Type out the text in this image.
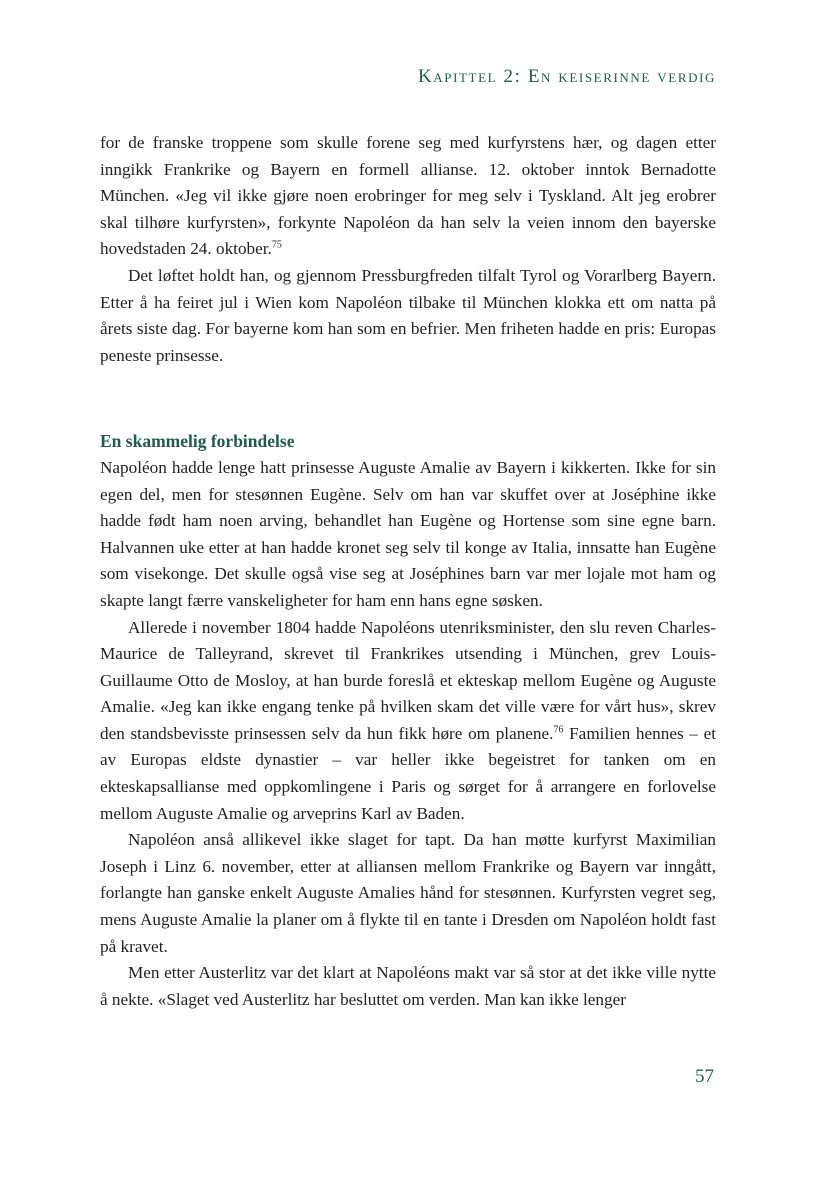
Kapittel 2: En keiserinne verdig

for de franske troppene som skulle forene seg med kurfyrstens hær, og dagen etter inngikk Frankrike og Bayern en formell allianse. 12. oktober inntok Bernadotte München. «Jeg vil ikke gjøre noen erobringer for meg selv i Tyskland. Alt jeg erobrer skal tilhøre kurfyrsten», forkynte Napoléon da han selv la veien innom den bayerske hovedstaden 24. oktober.$^{75}$

Det løftet holdt han, og gjennom Pressburgfreden tilfalt Tyrol og Vorarlberg Bayern. Etter å ha feiret jul i Wien kom Napoléon tilbake til München klokka ett om natta på årets siste dag. For bayerne kom han som en befrier. Men friheten hadde en pris: Europas peneste prinsesse.

En skammelig forbindelse

Napoléon hadde lenge hatt prinsesse Auguste Amalie av Bayern i kikkerten. Ikke for sin egen del, men for stesønnen Eugène. Selv om han var skuffet over at Joséphine ikke hadde født ham noen arving, behandlet han Eugène og Hortense som sine egne barn. Halvannen uke etter at han hadde kronet seg selv til konge av Italia, innsatte han Eugène som visekonge. Det skulle også vise seg at Joséphines barn var mer lojale mot ham og skapte langt færre vanskeligheter for ham enn hans egne søsken.

Allerede i november 1804 hadde Napoléons utenriksminister, den slu reven Charles-Maurice de Talleyrand, skrevet til Frankrikes utsending i München, grev Louis-Guillaume Otto de Mosloy, at han burde foreslå et ekteskap mellom Eugène og Auguste Amalie. «Jeg kan ikke engang tenke på hvilken skam det ville være for vårt hus», skrev den standsbevisste prinsessen selv da hun fikk høre om planene.$^{76}$ Familien hennes – et av Europas eldste dynastier – var heller ikke begeistret for tanken om en ekteskapsallianse med oppkomlingene i Paris og sørget for å arrangere en forlovelse mellom Auguste Amalie og arveprins Karl av Baden.

Napoléon anså allikevel ikke slaget for tapt. Da han møtte kurfyrst Maximilian Joseph i Linz 6. november, etter at alliansen mellom Frankrike og Bayern var inngått, forlangte han ganske enkelt Auguste Amalies hånd for stesønnen. Kurfyrsten vegret seg, mens Auguste Amalie la planer om å flykte til en tante i Dresden om Napoléon holdt fast på kravet.

Men etter Austerlitz var det klart at Napoléons makt var så stor at det ikke ville nytte å nekte. «Slaget ved Austerlitz har besluttet om verden. Man kan ikke lenger

57
